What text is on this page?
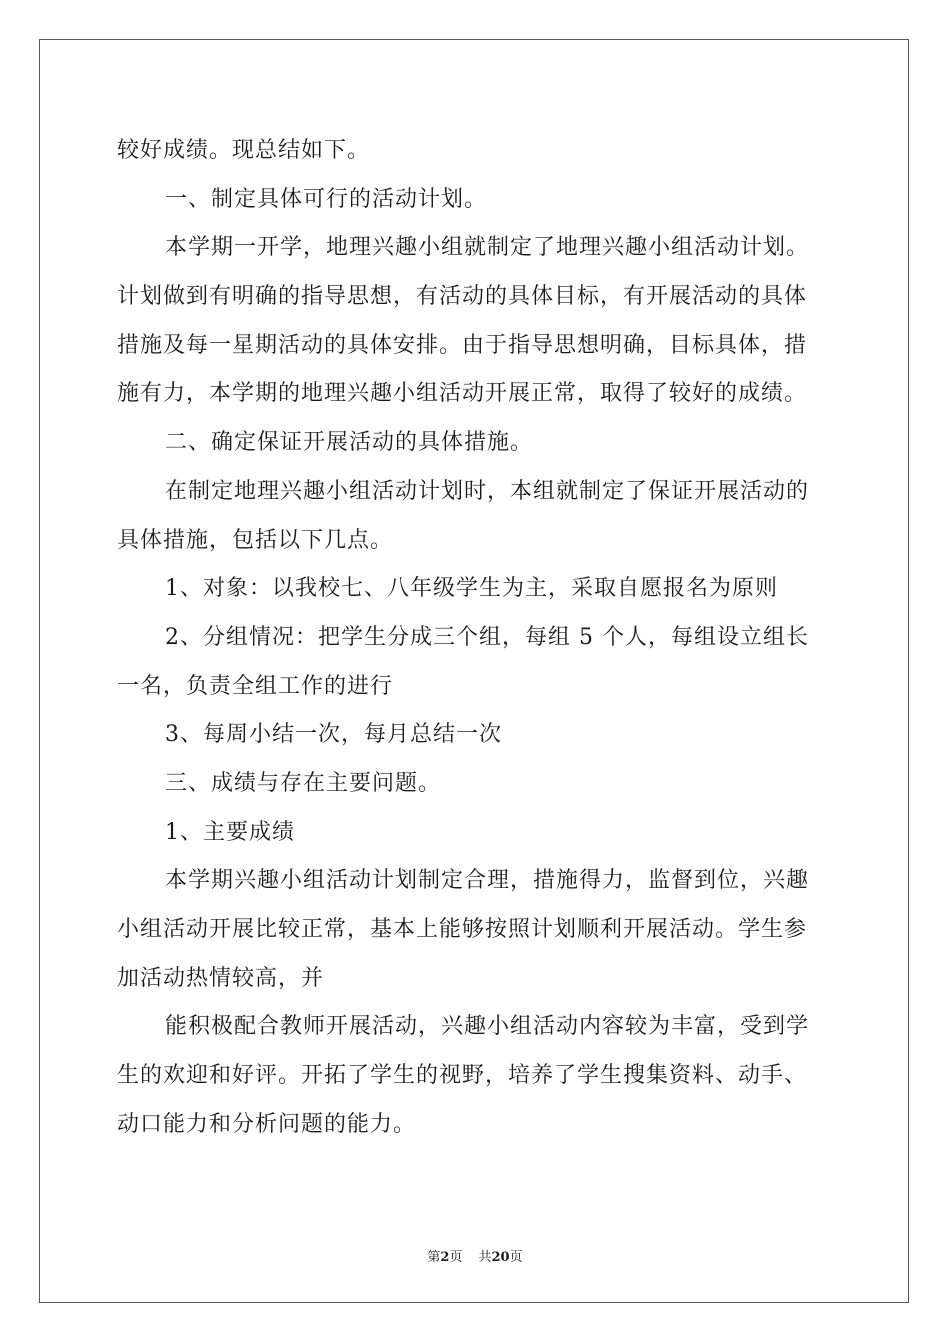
较好成绩。现总结如下。
一、制定具体可行的活动计划。
本学期一开学，地理兴趣小组就制定了地理兴趣小组活动计划。
计划做到有明确的指导思想，有活动的具体目标，有开展活动的具体
措施及每一星期活动的具体安排。由于指导思想明确，目标具体，措
施有力，本学期的地理兴趣小组活动开展正常，取得了较好的成绩。
二、确定保证开展活动的具体措施。
在制定地理兴趣小组活动计划时，本组就制定了保证开展活动的
具体措施，包括以下几点。
1、对象：以我校七、八年级学生为主，采取自愿报名为原则
2、分组情况：把学生分成三个组，每组 5 个人，每组设立组长
一名，负责全组工作的进行
3、每周小结一次，每月总结一次
三、成绩与存在主要问题。
1、主要成绩
本学期兴趣小组活动计划制定合理，措施得力，监督到位，兴趣
小组活动开展比较正常，基本上能够按照计划顺利开展活动。学生参
加活动热情较高，并
能积极配合教师开展活动，兴趣小组活动内容较为丰富，受到学
生的欢迎和好评。开拓了学生的视野，培养了学生搜集资料、动手、
动口能力和分析问题的能力。
第2页 共20页
